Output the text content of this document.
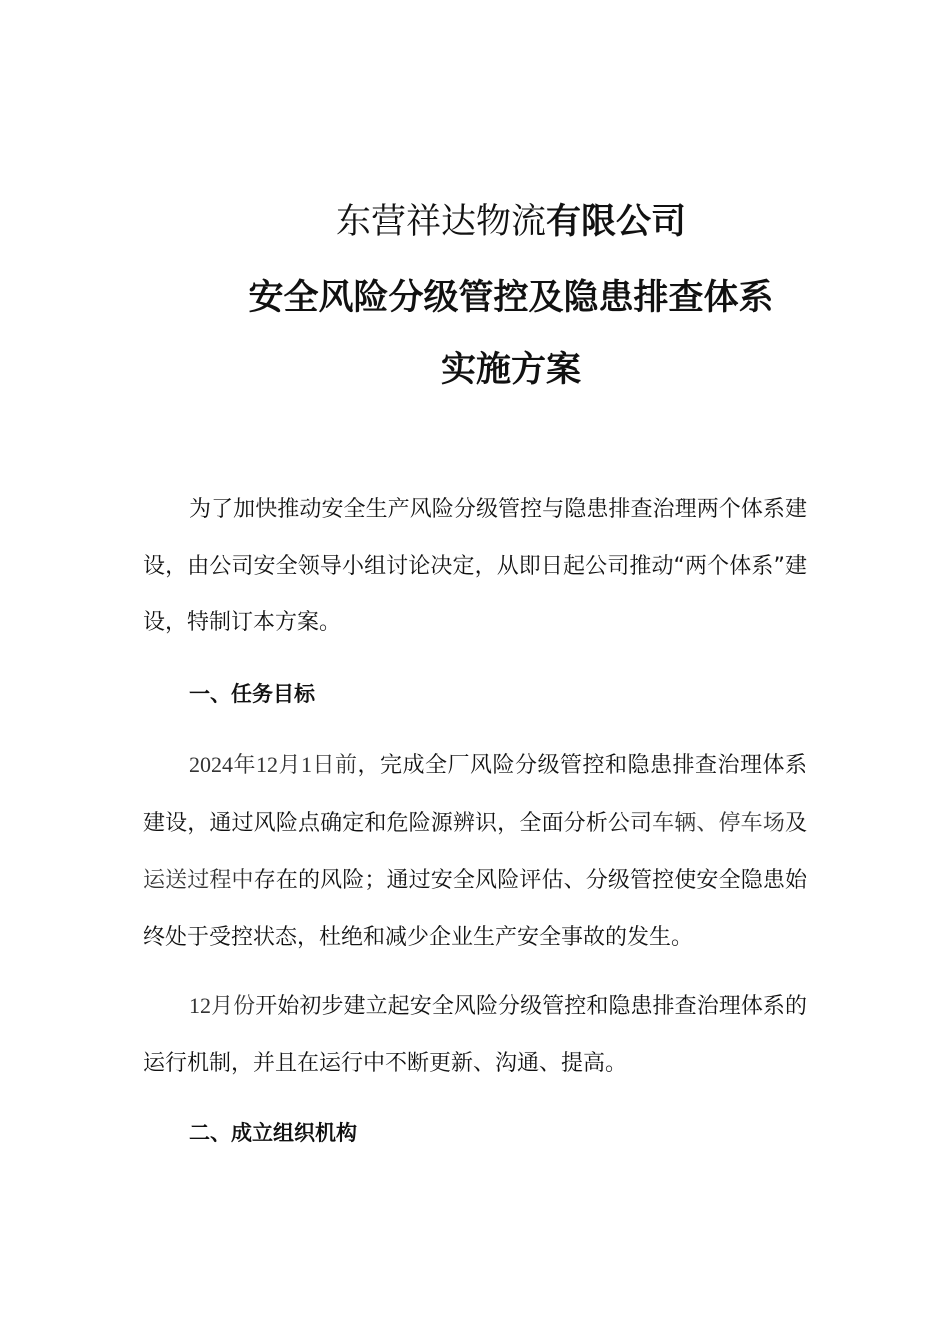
东营祥达物流有限公司
安全风险分级管控及隐患排查体系
实施方案

为了加快推动安全生产风险分级管控与隐患排查治理两个体系建设，由公司安全领导小组讨论决定，从即日起公司推动“两个体系”建设，特制订本方案。

一、任务目标

2024年12月1日前，完成全厂风险分级管控和隐患排查治理体系建设，通过风险点确定和危险源辨识，全面分析公司车辆、停车场及运送过程中存在的风险；通过安全风险评估、分级管控使安全隐患始终处于受控状态，杜绝和减少企业生产安全事故的发生。

12月份开始初步建立起安全风险分级管控和隐患排查治理体系的运行机制，并且在运行中不断更新、沟通、提高。

二、成立组织机构
